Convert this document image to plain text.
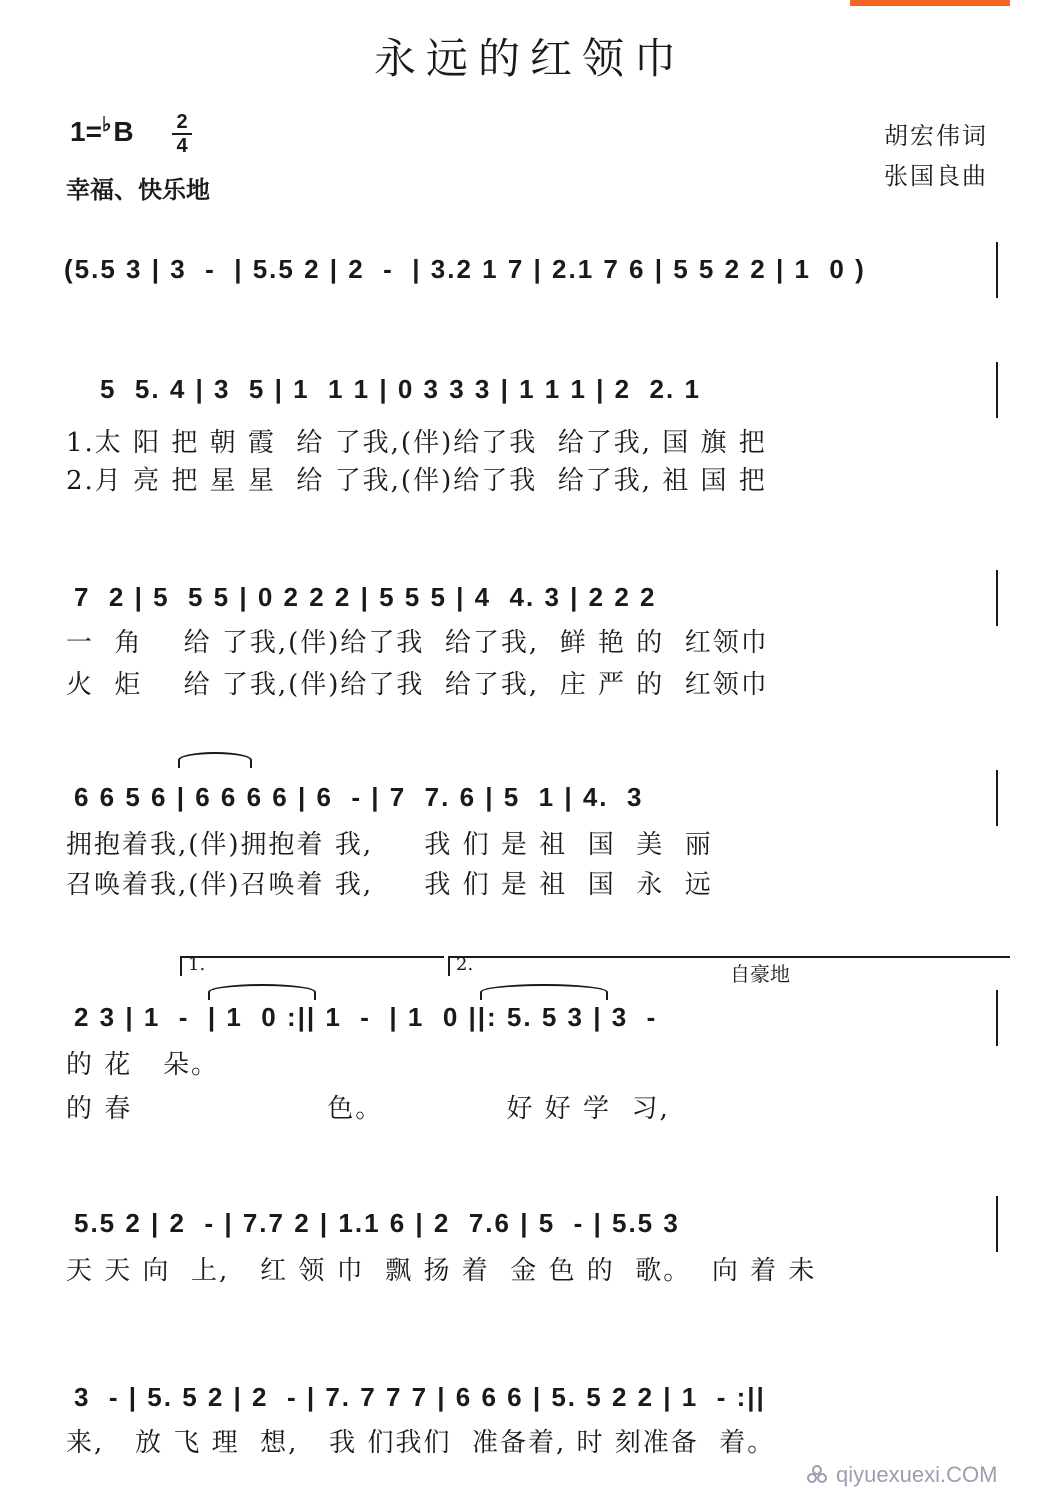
永远的红领巾
1=♭B 2
4
幸福、快乐地
胡宏伟词
张国良曲
(5.5 3 | 3  -  | 5.5 2 | 2  -  | 3.2 1 7 | 2.1 7 6 | 5 5 2 2 | 1  0 )
5  5. 4 | 3  5 | 1  1 1 | 0 3 3 3 | 1 1 1 | 2  2. 1
1.太 阳 把 朝 霞  给 了我,(伴)给了我  给了我, 国 旗 把
2.月 亮 把 星 星  给 了我,(伴)给了我  给了我, 祖 国 把
7  2 | 5  5 5 | 0 2 2 2 | 5 5 5 | 4  4. 3 | 2 2 2
一  角    给 了我,(伴)给了我  给了我,  鲜 艳 的  红领巾
火  炬    给 了我,(伴)给了我  给了我,  庄 严 的  红领巾
6 6 5 6 | 6 6 6 6 | 6  - | 7  7. 6 | 5  1 | 4.  3
拥抱着我,(伴)拥抱着 我,     我 们 是 祖  国  美  丽
召唤着我,(伴)召唤着 我,     我 们 是 祖  国  永  远
1.	2.	自豪地
2 3 | 1  -  | 1  0 :|| 1  -  | 1  0 ||: 5. 5 3 | 3  -
的 花   朵。
的 春                   色。            好 好 学  习,
5.5 2 | 2  - | 7.7 2 | 1.1 6 | 2  7.6 | 5  - | 5.5 3
天 天 向  上,   红 领 巾  飘 扬 着  金 色 的  歌。  向 着 未
3  - | 5. 5 2 | 2  - | 7. 7 7 7 | 6 6 6 | 5. 5 2 2 | 1  - :||
来,   放 飞 理  想,   我 们我们  准备着, 时 刻准备  着。
qiyuexuexi.COM
